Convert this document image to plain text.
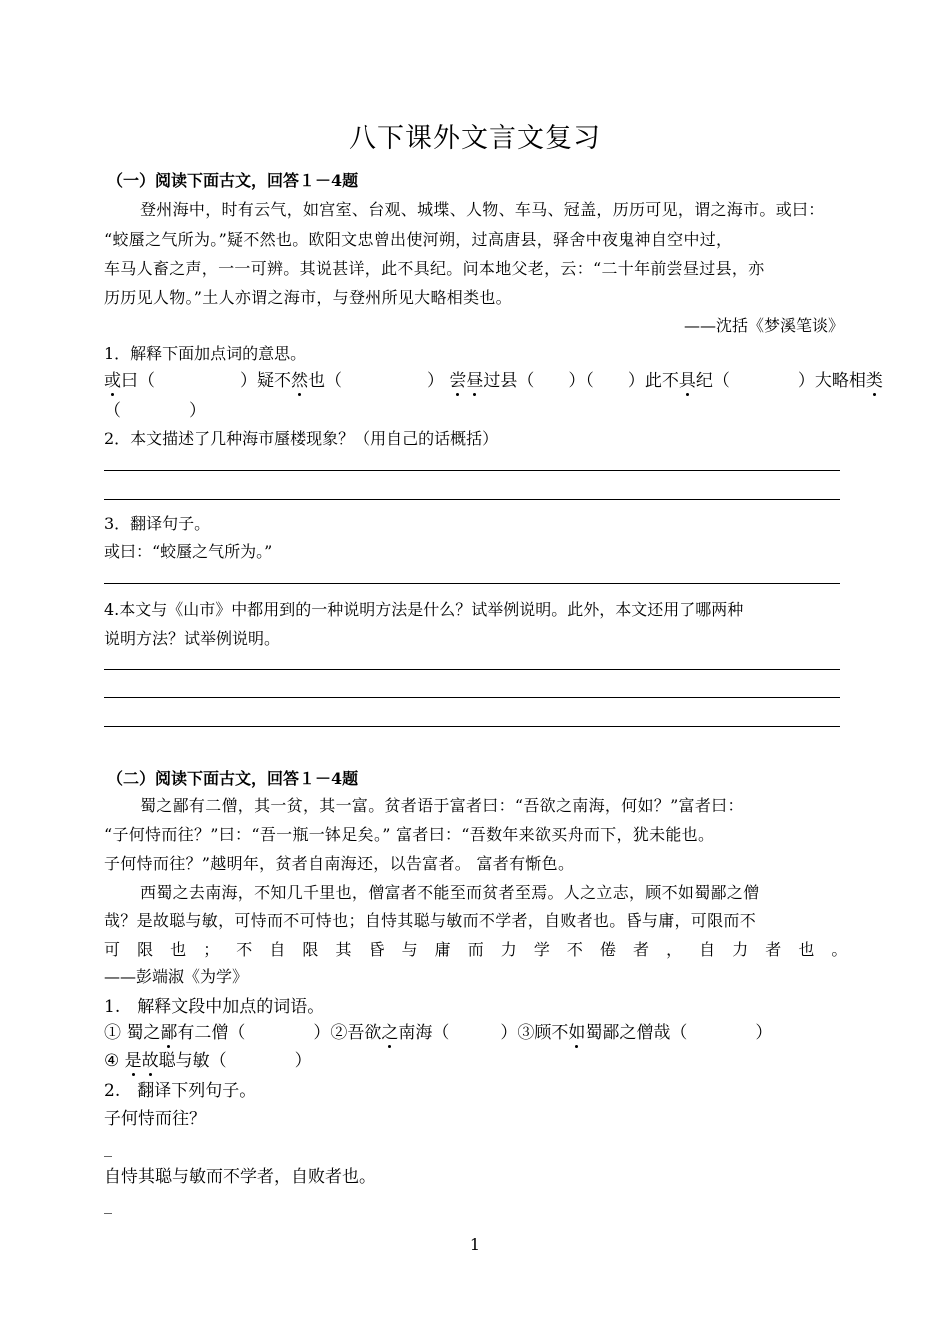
八下课外文言文复习
（一）阅读下面古文，回答１－4题
登州海中，时有云气，如宫室、台观、城堞、人物、车马、冠盖，历历可见，谓之海市。或曰：
“蛟蜃之气所为。”疑不然也。欧阳文忠曾出使河朔，过高唐县，驿舍中夜鬼神自空中过，
车马人畜之声，一一可辨。其说甚详，此不具纪。问本地父老，云：“二十年前尝昼过县，亦
历历见人物。”土人亦谓之海市，与登州所见大略相类也。
——沈括《梦溪笔谈》
1．解释下面加点词的意思。
或曰（　　　　　）疑不然也（　　　　　） 尝昼过县（　　）（　　）此不具纪（　　　　）大略相类
（　　　　）
2．本文描述了几种海市蜃楼现象？（用自己的话概括）
3．翻译句子。
或曰：“蛟蜃之气所为。”
4.本文与《山市》中都用到的一种说明方法是什么？试举例说明。此外，本文还用了哪两种
说明方法？试举例说明。
（二）阅读下面古文，回答１－4题
蜀之鄙有二僧，其一贫，其一富。贫者语于富者曰：“吾欲之南海，何如？”富者曰：
“子何恃而往？”曰：“吾一瓶一钵足矣。” 富者曰：“吾数年来欲买舟而下，犹未能也。
子何恃而往？”越明年，贫者自南海还，以告富者。 富者有惭色。
西蜀之去南海，不知几千里也，僧富者不能至而贫者至焉。人之立志，顾不如蜀鄙之僧
哉？是故聪与敏，可恃而不可恃也；自恃其聪与敏而不学者，自败者也。昏与庸，可限而不
可 限 也 ； 不 自 限 其 昏 与 庸 而 力 学 不 倦 者 ， 自 力 者 也 。
——彭端淑《为学》
1.　解释文段中加点的词语。
① 蜀之鄙有二僧（　　　　）②吾欲之南海（　　　）③顾不如蜀鄙之僧哉（　　　　）
④ 是故聪与敏（　　　　）
2.　翻译下列句子。
子何恃而往？
_
自恃其聪与敏而不学者，自败者也。
_
1
